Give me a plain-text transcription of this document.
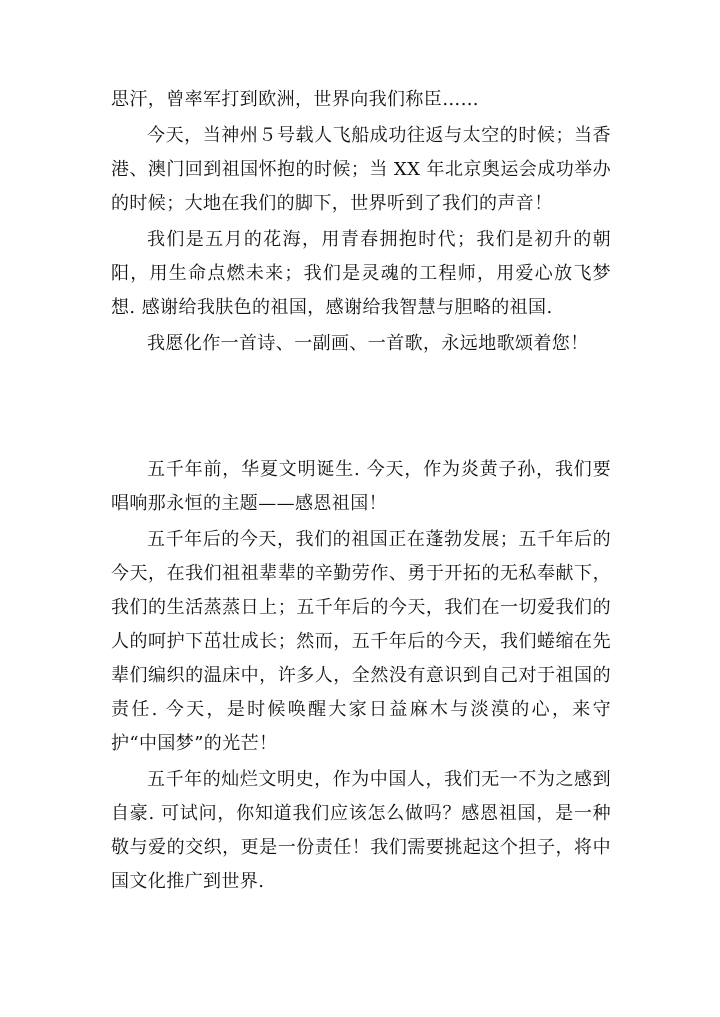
思汗，曾率军打到欧洲，世界向我们称臣……

今天，当神州５号载人飞船成功往返与太空的时候；当香港、澳门回到祖国怀抱的时候；当 XX 年北京奥运会成功举办的时候；大地在我们的脚下，世界听到了我们的声音！

我们是五月的花海，用青春拥抱时代；我们是初升的朝阳，用生命点燃未来；我们是灵魂的工程师，用爱心放飞梦想. 感谢给我肤色的祖国，感谢给我智慧与胆略的祖国.

我愿化作一首诗、一副画、一首歌，永远地歌颂着您！

五千年前，华夏文明诞生. 今天，作为炎黄子孙，我们要唱响那永恒的主题——感恩祖国！

五千年后的今天，我们的祖国正在蓬勃发展；五千年后的今天，在我们祖祖辈辈的辛勤劳作、勇于开拓的无私奉献下，我们的生活蒸蒸日上；五千年后的今天，我们在一切爱我们的人的呵护下茁壮成长；然而，五千年后的今天，我们蜷缩在先辈们编织的温床中，许多人，全然没有意识到自己对于祖国的责任. 今天，是时候唤醒大家日益麻木与淡漠的心，来守护“中国梦”的光芒！

五千年的灿烂文明史，作为中国人，我们无一不为之感到自豪. 可试问，你知道我们应该怎么做吗？感恩祖国，是一种敬与爱的交织，更是一份责任！我们需要挑起这个担子，将中国文化推广到世界.
